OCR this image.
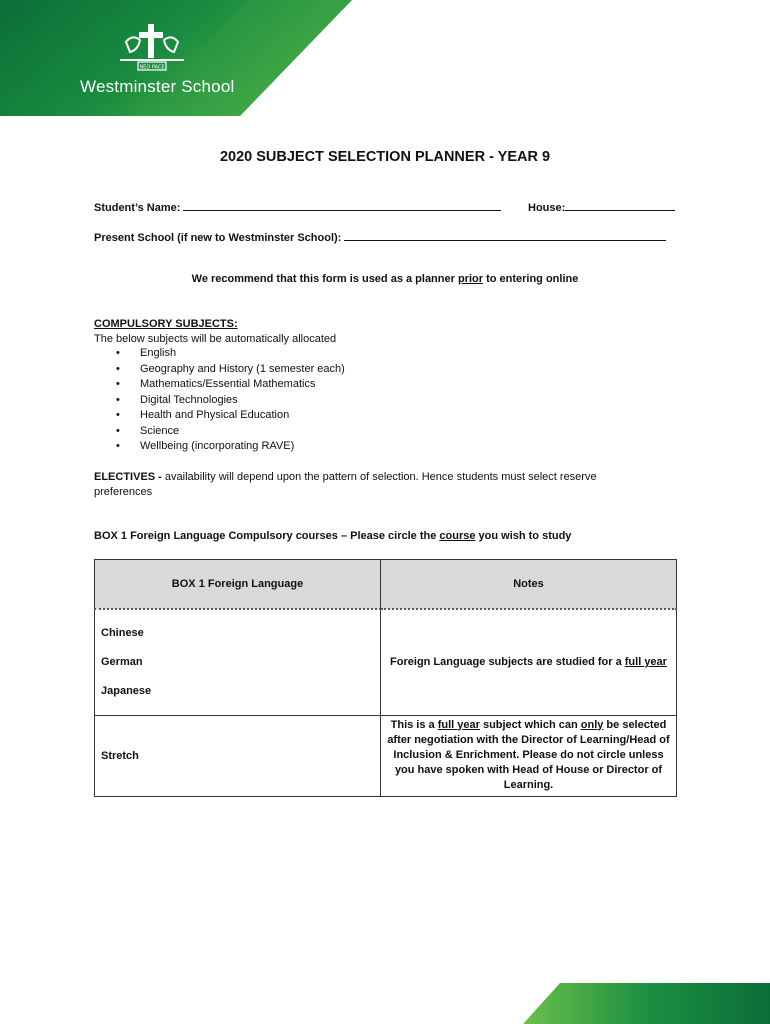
NEO PACE
Westminster School
2020 SUBJECT SELECTION PLANNER - YEAR 9
Student’s Name:	House:
Present School (if new to Westminster School):
We recommend that this form is used as a planner prior to entering online
COMPULSORY SUBJECTS:
The below subjects will be automatically allocated
• English
• Geography and History (1 semester each)
• Mathematics/Essential Mathematics
• Digital Technologies
• Health and Physical Education
• Science
• Wellbeing (incorporating RAVE)
ELECTIVES - availability will depend upon the pattern of selection. Hence students must select reserve
preferences
BOX 1 Foreign Language Compulsory courses – Please circle the course you wish to study
BOX 1 Foreign Language	Notes

Chinese
German
Japanese	Foreign Language subjects are studied for a full year
Stretch	This is a full year subject which can only be selected after negotiation with the Director of Learning/Head of Inclusion & Enrichment. Please do not circle unless you have spoken with Head of House or Director of Learning.
